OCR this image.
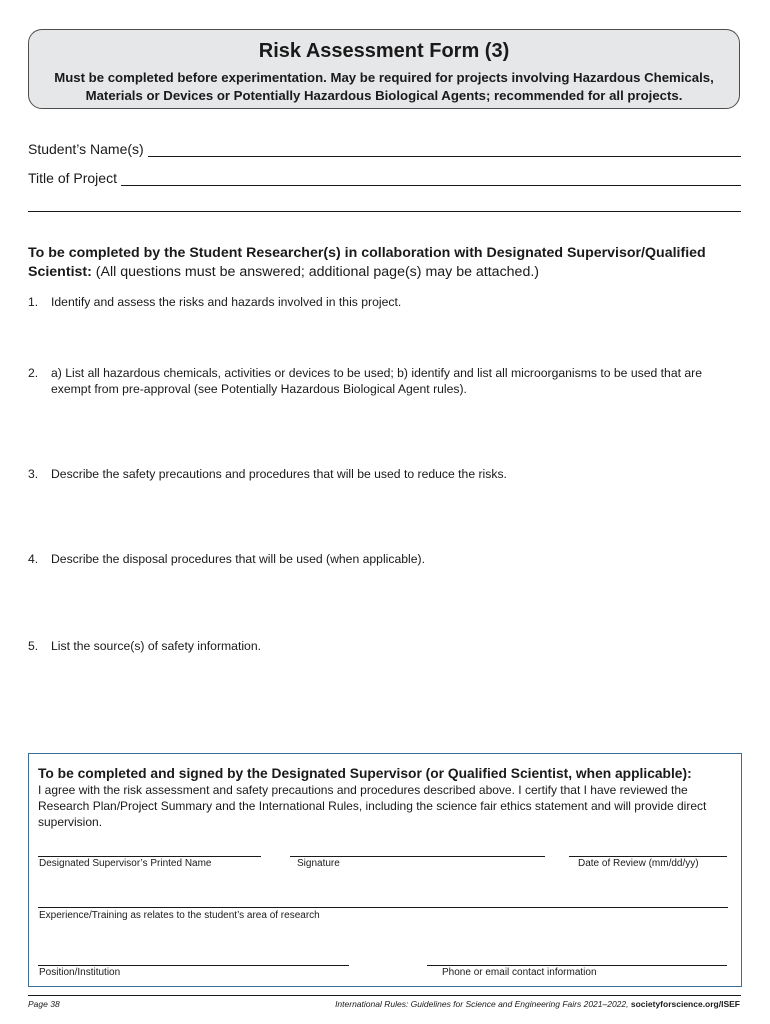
Risk Assessment Form (3)
Must be completed before experimentation. May be required for projects involving Hazardous Chemicals, Materials or Devices or Potentially Hazardous Biological Agents; recommended for all projects.
Student’s Name(s)
Title of Project
To be completed by the Student Researcher(s) in collaboration with Designated Supervisor/Qualified Scientist: (All questions must be answered; additional page(s) may be attached.)
1.	Identify and assess the risks and hazards involved in this project.
2.	a) List all hazardous chemicals, activities or devices to be used; b) identify and list all microorganisms to be used that are exempt from pre-approval (see Potentially Hazardous Biological Agent rules).
3.	Describe the safety precautions and procedures that will be used to reduce the risks.
4.	Describe the disposal procedures that will be used (when applicable).
5.	List the source(s) of safety information.
To be completed and signed by the Designated Supervisor (or Qualified Scientist, when applicable):
I agree with the risk assessment and safety precautions and procedures described above. I certify that I have reviewed the Research Plan/Project Summary and the International Rules, including the science fair ethics statement and will provide direct supervision.
Designated Supervisor’s Printed Name	Signature	Date of Review (mm/dd/yy)
Experience/Training as relates to the student’s area of research
Position/Institution	Phone or email contact information
Page 38	International Rules: Guidelines for Science and Engineering Fairs 2021–2022, societyforscience.org/ISEF
